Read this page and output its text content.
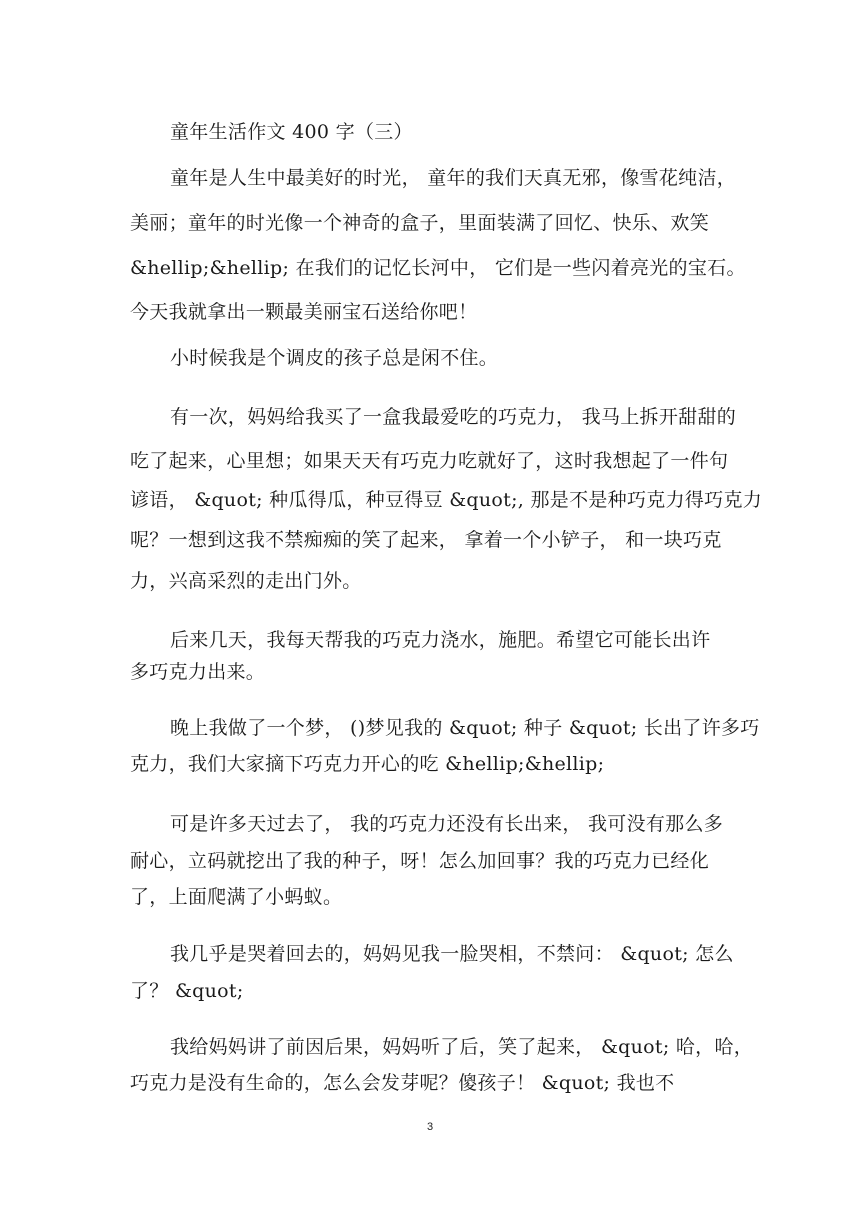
童年生活作文 400 字（三）
童年是人生中最美好的时光， 童年的我们天真无邪，像雪花纯洁，
美丽；童年的时光像一个神奇的盒子，里面装满了回忆、快乐、欢笑
&hellip;&hellip; 在我们的记忆长河中， 它们是一些闪着亮光的宝石。
今天我就拿出一颗最美丽宝石送给你吧！
小时候我是个调皮的孩子总是闲不住。
有一次，妈妈给我买了一盒我最爱吃的巧克力， 我马上拆开甜甜的
吃了起来，心里想；如果天天有巧克力吃就好了，这时我想起了一件句
谚语， &quot; 种瓜得瓜，种豆得豆 &quot;, 那是不是种巧克力得巧克力
呢？一想到这我不禁痴痴的笑了起来， 拿着一个小铲子， 和一块巧克
力，兴高采烈的走出门外。
后来几天，我每天帮我的巧克力浇水，施肥。希望它可能长出许
多巧克力出来。
晚上我做了一个梦， ()梦见我的 &quot; 种子 &quot; 长出了许多巧
克力，我们大家摘下巧克力开心的吃 &hellip;&hellip;
可是许多天过去了， 我的巧克力还没有长出来， 我可没有那么多
耐心，立码就挖出了我的种子，呀！怎么加回事？我的巧克力已经化
了，上面爬满了小蚂蚁。
我几乎是哭着回去的，妈妈见我一脸哭相，不禁问： &quot; 怎么
了？ &quot;
我给妈妈讲了前因后果，妈妈听了后，笑了起来， &quot; 哈，哈，
巧克力是没有生命的，怎么会发芽呢？傻孩子！ &quot; 我也不
3
